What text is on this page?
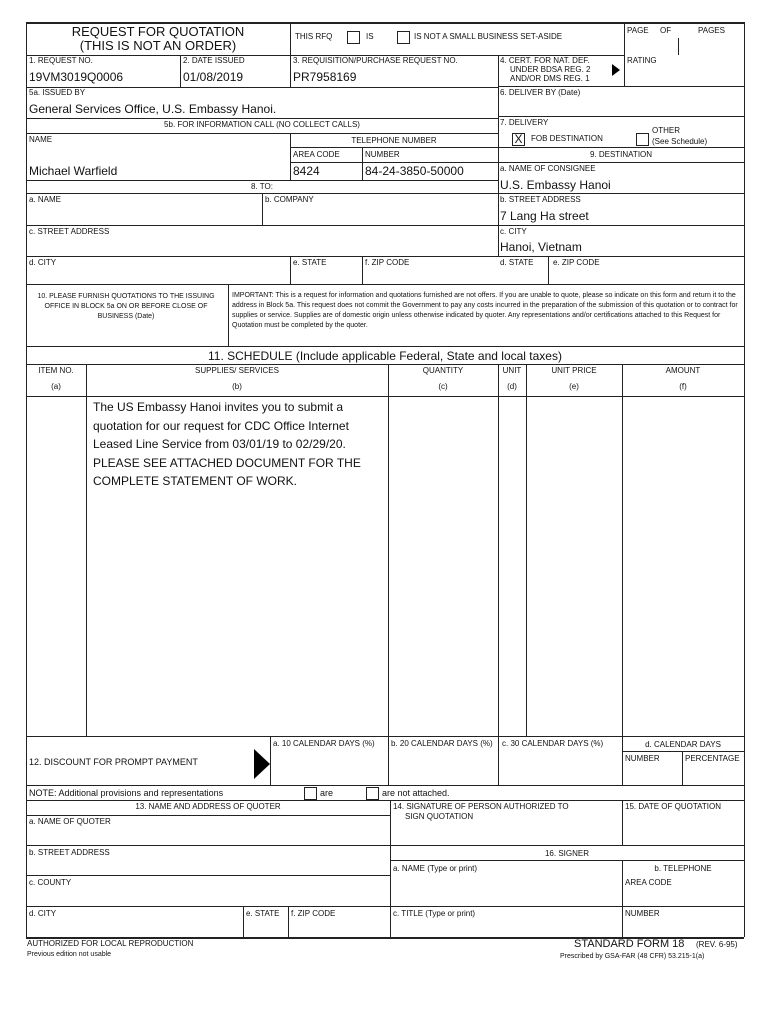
REQUEST FOR QUOTATION
(THIS IS NOT AN ORDER)
THIS RFQ	IS	IS NOT A SMALL BUSINESS SET-ASIDE
PAGE OF	PAGES
1. REQUEST NO.
19VM3019Q0006
2. DATE ISSUED
01/08/2019
3. REQUISITION/PURCHASE REQUEST NO.
PR7958169
4. CERT. FOR NAT. DEF.
UNDER BDSA REG. 2
AND/OR DMS REG. 1
RATING
5a. ISSUED BY
General Services Office, U.S. Embassy Hanoi.
6. DELIVER BY (Date)
5b. FOR INFORMATION CALL (NO COLLECT CALLS)
NAME	TELEPHONE NUMBER
AREA CODE	NUMBER
Michael Warfield	8424	84-24-3850-50000
7. DELIVERY
X FOB DESTINATION
OTHER
(See Schedule)
9. DESTINATION
a. NAME OF CONSIGNEE
U.S. Embassy Hanoi
b. STREET ADDRESS
7 Lang Ha street
c. CITY
Hanoi, Vietnam
d. STATE e. ZIP CODE
8. TO:
a. NAME	b. COMPANY
c. STREET ADDRESS
d. CITY	e. STATE	f. ZIP CODE
10. PLEASE FURNISH QUOTATIONS TO THE ISSUING OFFICE IN BLOCK 5a ON OR BEFORE CLOSE OF BUSINESS (Date)
IMPORTANT: This is a request for information and quotations furnished are not offers. If you are unable to quote, please so indicate on this form and return it to the address in Block 5a. This request does not commit the Government to pay any costs incurred in the preparation of the submission of this quotation or to contract for supplies or service. Supplies are of domestic origin unless otherwise indicated by quoter. Any representations and/or certifications attached to this Request for Quotation must be completed by the quoter.
11. SCHEDULE (Include applicable Federal, State and local taxes)
ITEM NO.
(a)
SUPPLIES/ SERVICES
(b)
QUANTITY
(c)
UNIT
(d)
UNIT PRICE
(e)
AMOUNT
(f)
The US Embassy Hanoi invites you to submit a
quotation for our request for CDC Office Internet
Leased Line Service from 03/01/19 to 02/29/20.
PLEASE SEE ATTACHED DOCUMENT FOR THE
COMPLETE STATEMENT OF WORK.
12. DISCOUNT FOR PROMPT PAYMENT
a. 10 CALENDAR DAYS (%) b. 20 CALENDAR DAYS (%) c. 30 CALENDAR DAYS (%)	d. CALENDAR DAYS
NUMBER	PERCENTAGE
NOTE: Additional provisions and representations	are	are not attached.
13. NAME AND ADDRESS OF QUOTER
a. NAME OF QUOTER
14. SIGNATURE OF PERSON AUTHORIZED TO
SIGN QUOTATION
15. DATE OF QUOTATION
b. STREET ADDRESS	16. SIGNER
a. NAME (Type or print)	b. TELEPHONE
AREA CODE
c. COUNTY
d. CITY	e. STATE f. ZIP CODE	c. TITLE (Type or print)	NUMBER
AUTHORIZED FOR LOCAL REPRODUCTION
Previous edition not usable
STANDARD FORM 18 (REV. 6-95)
Prescribed by GSA-FAR (48 CFR) 53.215-1(a)
